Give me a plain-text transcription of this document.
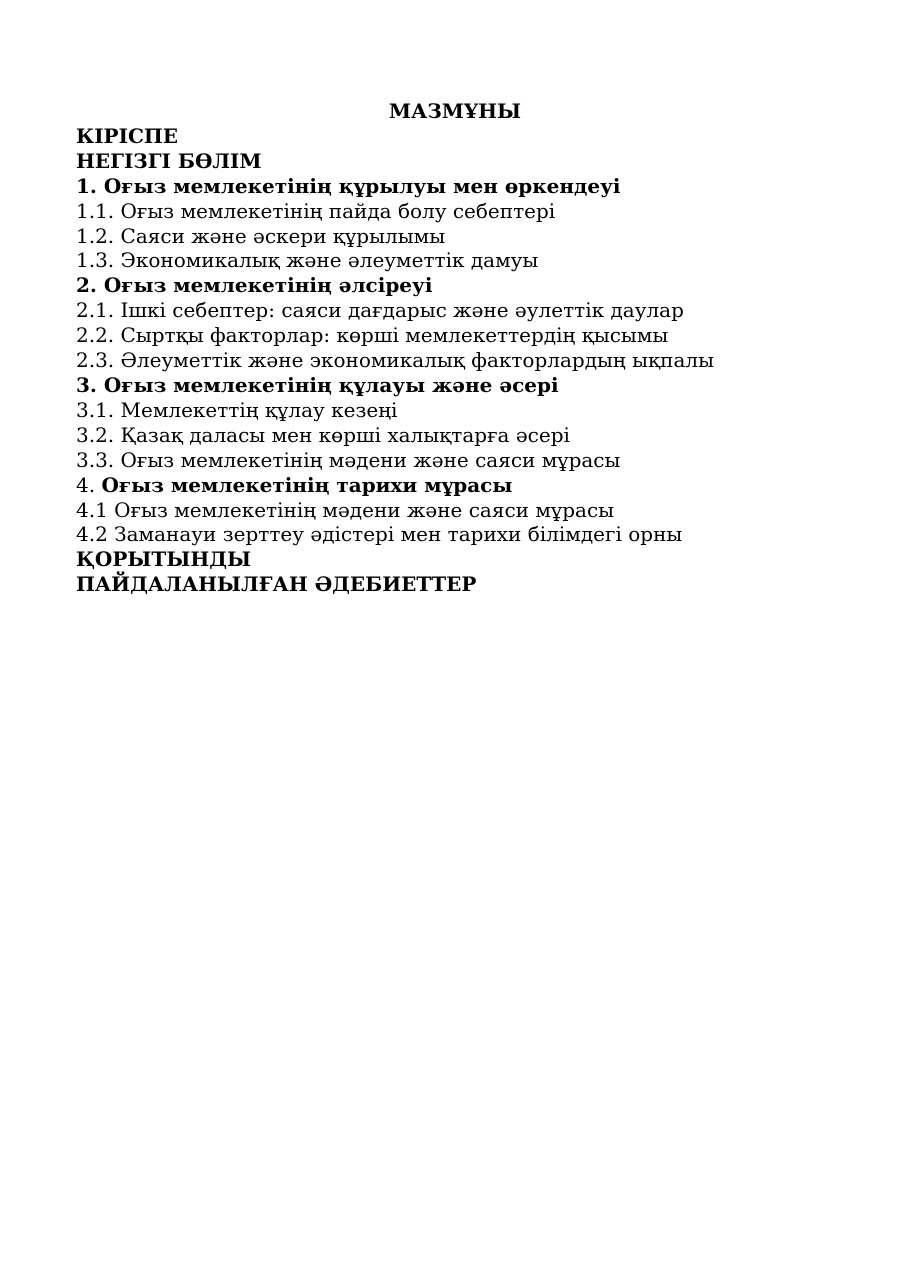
МАЗМҰНЫ
КІРІСПЕ
НЕГІЗГІ БӨЛІМ
1. Оғыз мемлекетінің құрылуы мен өркендеуі
1.1. Оғыз мемлекетінің пайда болу себептері
1.2. Саяси және әскери құрылымы
1.3. Экономикалық және әлеуметтік дамуы
2. Оғыз мемлекетінің әлсіреуі
2.1. Ішкі себептер: саяси дағдарыс және әулеттік даулар
2.2. Сыртқы факторлар: көрші мемлекеттердің қысымы
2.3. Әлеуметтік және экономикалық факторлардың ықпалы
3. Оғыз мемлекетінің құлауы және әсері
3.1. Мемлекеттің құлау кезеңі
3.2. Қазақ даласы мен көрші халықтарға әсері
3.3. Оғыз мемлекетінің мәдени және саяси мұрасы
4. Оғыз мемлекетінің тарихи мұрасы
4.1 Оғыз мемлекетінің мәдени және саяси мұрасы
4.2 Заманауи зерттеу әдістері мен тарихи білімдегі орны
ҚОРЫТЫНДЫ
ПАЙДАЛАНЫЛҒАН ӘДЕБИЕТТЕР
